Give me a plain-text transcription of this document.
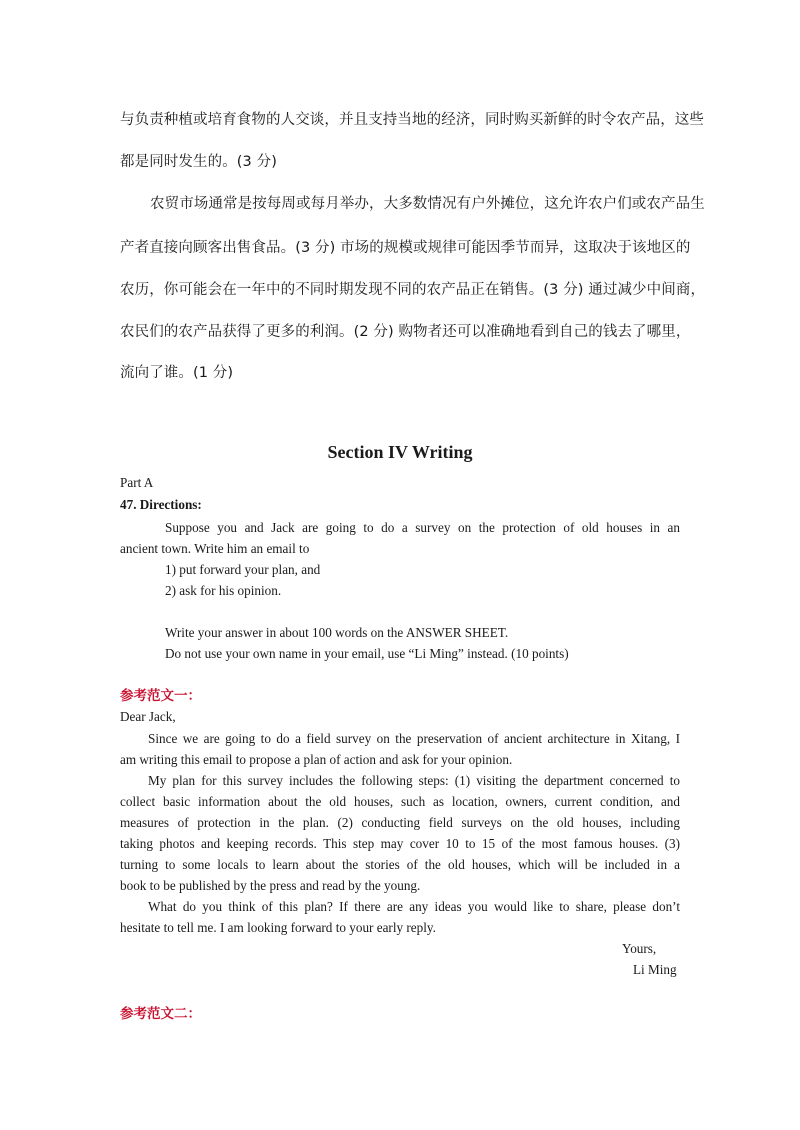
与负责种植或培育食物的人交谈，并且支持当地的经济，同时购买新鲜的时令农产品，这些

都是同时发生的。(3 分)

农贸市场通常是按每周或每月举办，大多数情况有户外摊位，这允许农户们或农产品生

产者直接向顾客出售食品。(3 分) 市场的规模或规律可能因季节而异，这取决于该地区的

农历，你可能会在一年中的不同时期发现不同的农产品正在销售。(3 分) 通过减少中间商，

农民们的农产品获得了更多的利润。(2 分) 购物者还可以准确地看到自己的钱去了哪里，

流向了谁。(1 分)

Section IV Writing

Part A

47. Directions:

Suppose you and Jack are going to do a survey on the protection of old houses in an

ancient town. Write him an email to

1) put forward your plan, and

2) ask for his opinion.

Write your answer in about 100 words on the ANSWER SHEET.

Do not use your own name in your email, use “Li Ming” instead. (10 points)

参考范文一：

Dear Jack,

Since we are going to do a field survey on the preservation of ancient architecture in Xitang, I

am writing this email to propose a plan of action and ask for your opinion.

My plan for this survey includes the following steps: (1) visiting the department concerned to

collect basic information about the old houses, such as location, owners, current condition, and

measures of protection in the plan. (2) conducting field surveys on the old houses, including

taking photos and keeping records. This step may cover 10 to 15 of the most famous houses. (3)

turning to some locals to learn about the stories of the old houses, which will be included in a

book to be published by the press and read by the young.

What do you think of this plan? If there are any ideas you would like to share, please don’t

hesitate to tell me. I am looking forward to your early reply.

Yours,

Li Ming

参考范文二：
